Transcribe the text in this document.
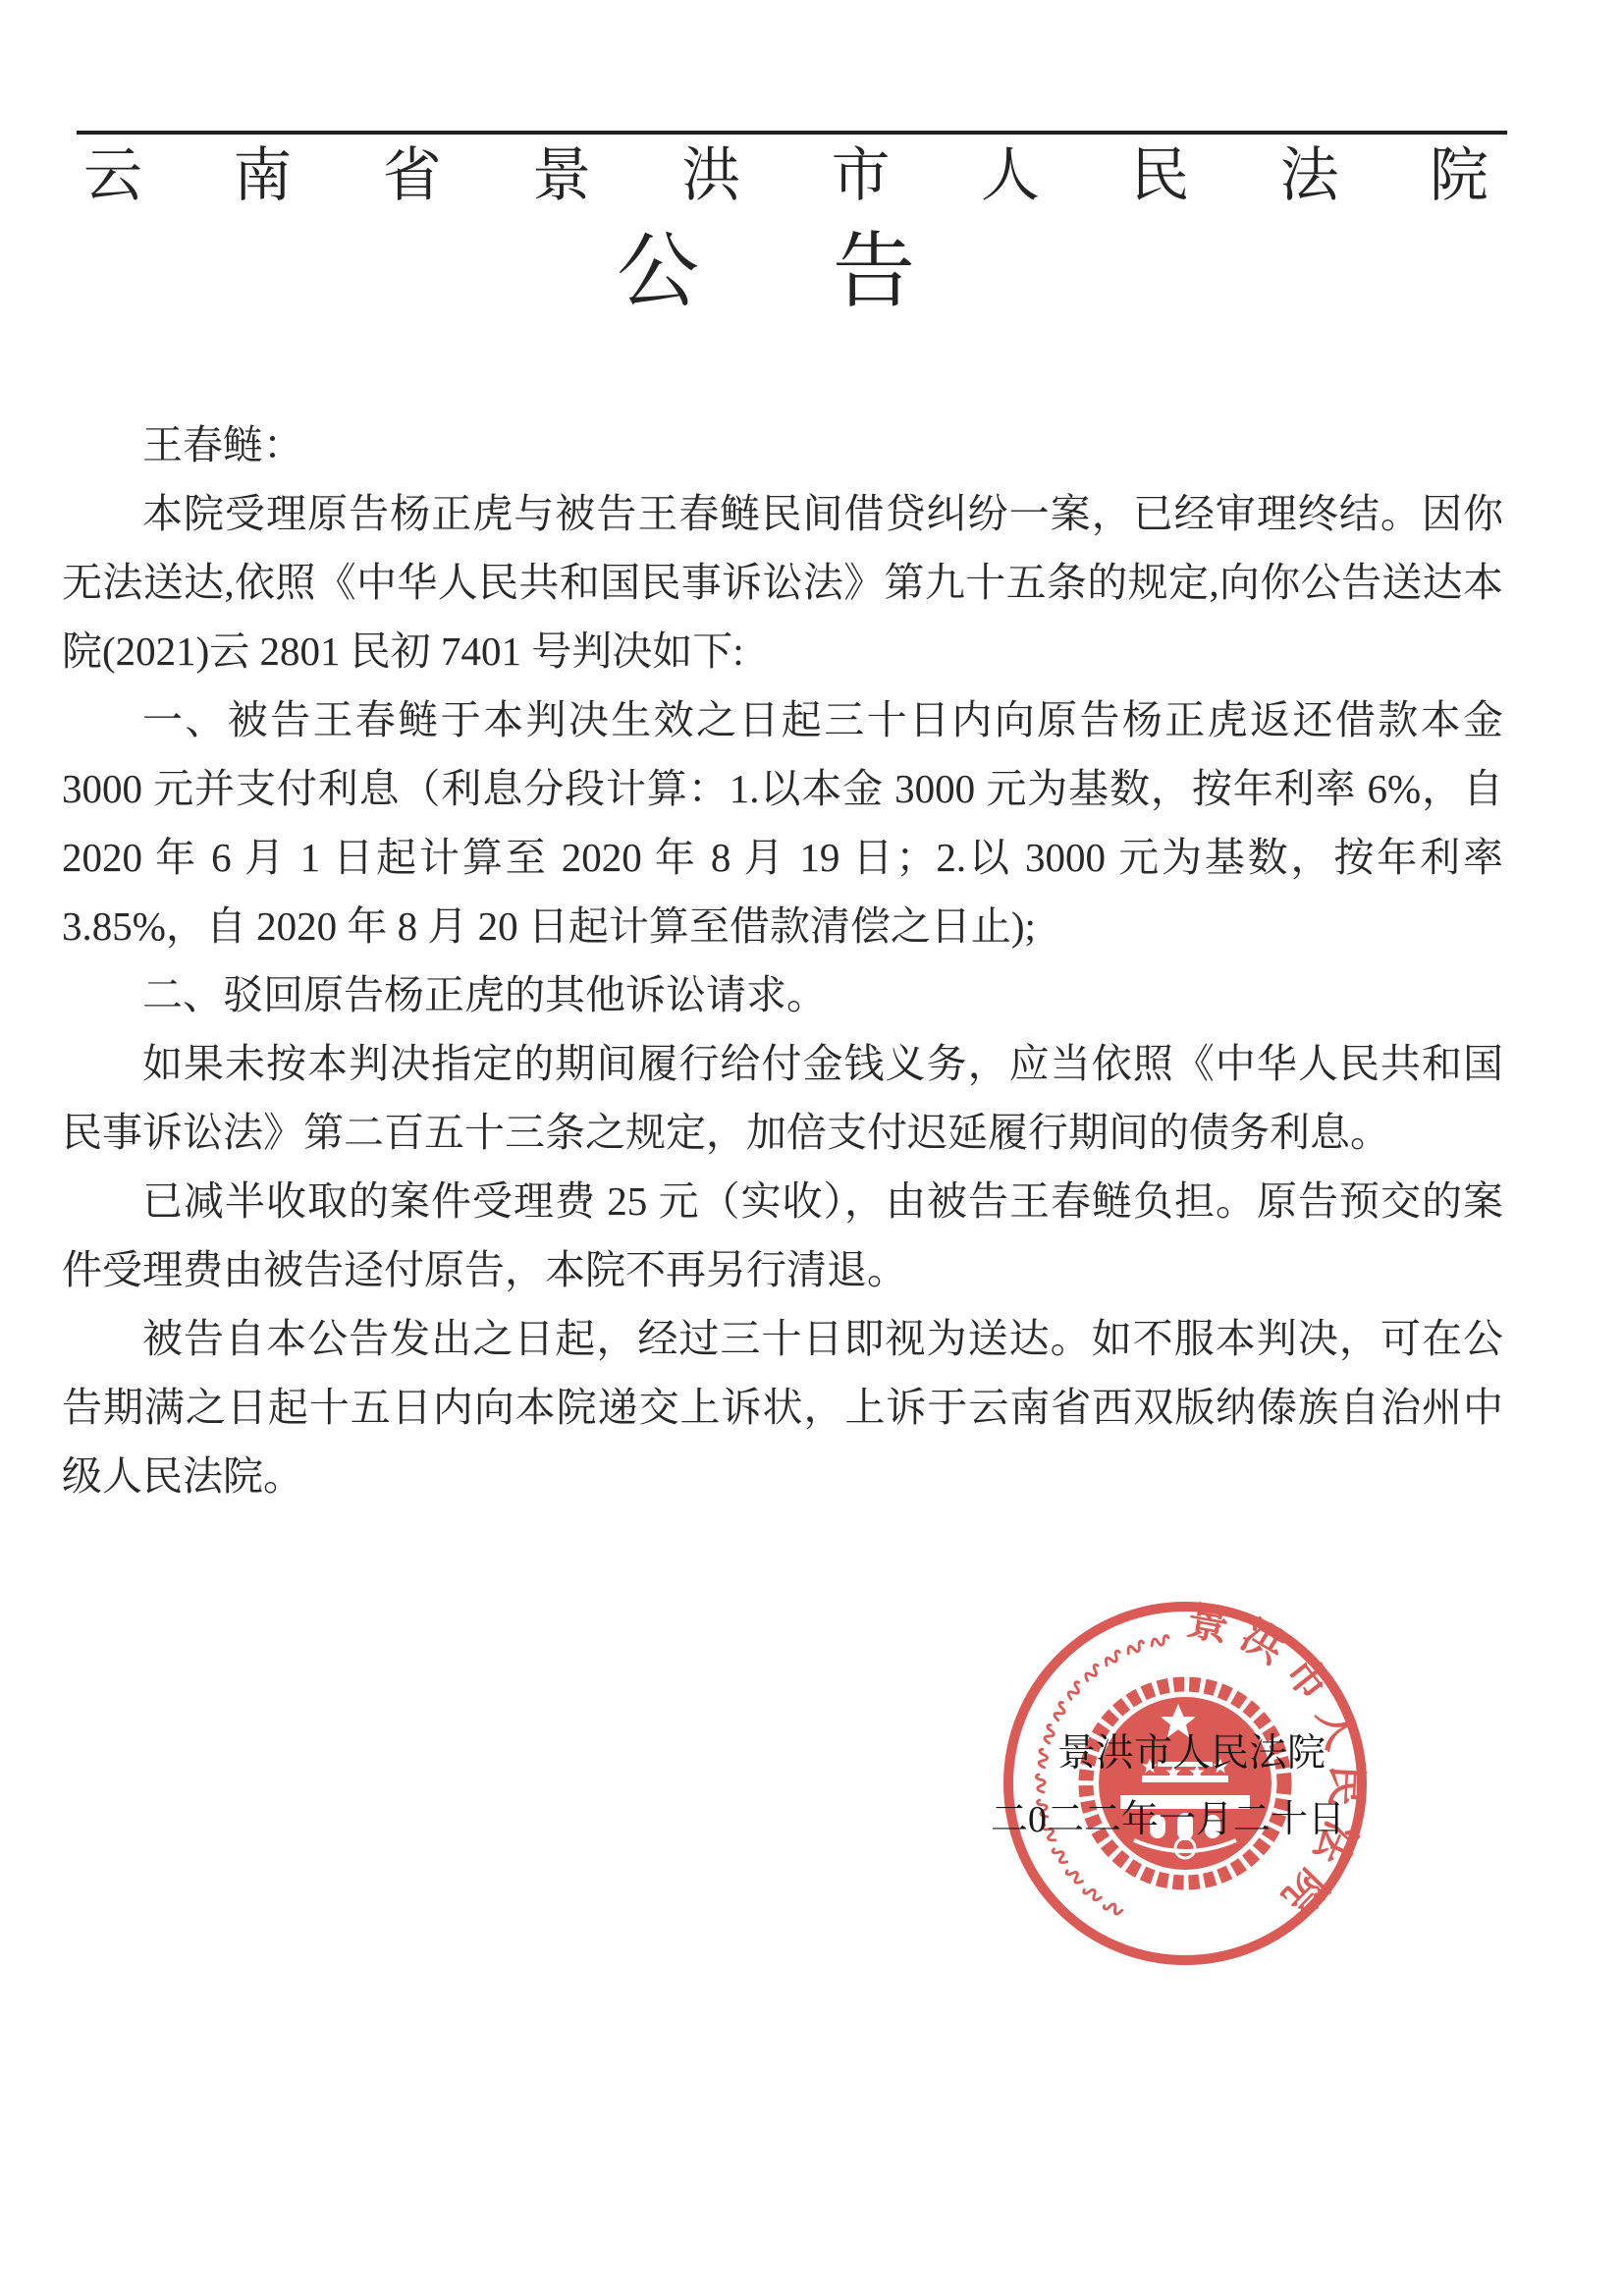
云南省景洪市人民法院
公告

王春鲢：

本院受理原告杨正虎与被告王春鲢民间借贷纠纷一案，已经审理终结。因你无法送达,依照《中华人民共和国民事诉讼法》第九十五条的规定,向你公告送达本院(2021)云 2801 民初 7401 号判决如下:

一、被告王春鲢于本判决生效之日起三十日内向原告杨正虎返还借款本金 3000 元并支付利息（利息分段计算：1.以本金 3000 元为基数，按年利率 6%，自 2020 年 6 月 1 日起计算至 2020 年 8 月 19 日；2.以 3000 元为基数，按年利率 3.85%，自 2020 年 8 月 20 日起计算至借款清偿之日止);

二、驳回原告杨正虎的其他诉讼请求。

如果未按本判决指定的期间履行给付金钱义务，应当依照《中华人民共和国民事诉讼法》第二百五十三条之规定，加倍支付迟延履行期间的债务利息。

已减半收取的案件受理费 25 元（实收），由被告王春鲢负担。原告预交的案件受理费由被告迳付原告，本院不再另行清退。

被告自本公告发出之日起，经过三十日即视为送达。如不服本判决，可在公告期满之日起十五日内向本院递交上诉状，上诉于云南省西双版纳傣族自治州中级人民法院。

景洪市人民法院
景洪市人民法院
二0二二年一月二十日
